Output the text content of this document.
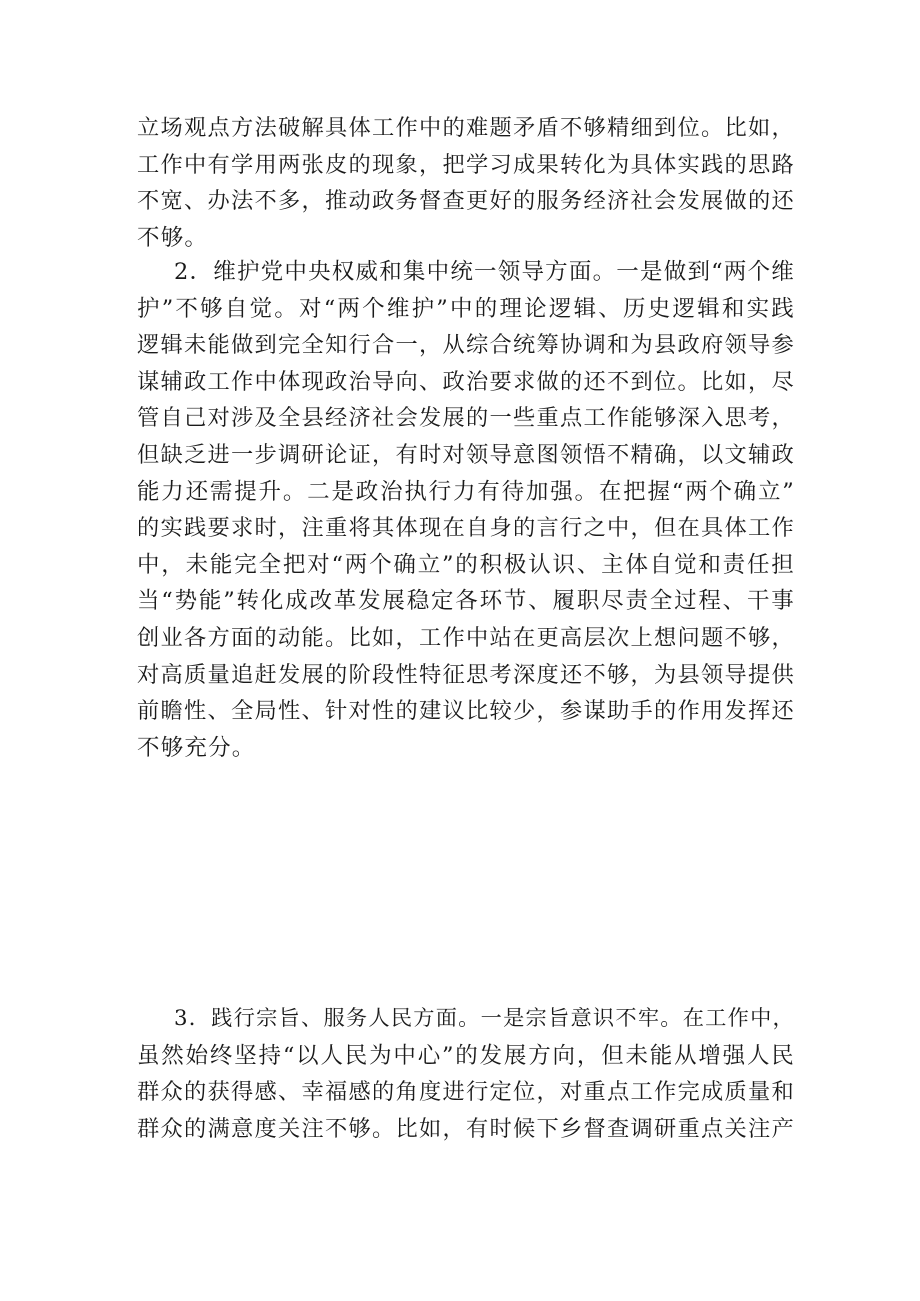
立场观点方法破解具体工作中的难题矛盾不够精细到位。比如，
工作中有学用两张皮的现象，把学习成果转化为具体实践的思路
不宽、办法不多，推动政务督查更好的服务经济社会发展做的还
不够。
2．维护党中央权威和集中统一领导方面。一是做到“两个维
护”不够自觉。对“两个维护”中的理论逻辑、历史逻辑和实践
逻辑未能做到完全知行合一，从综合统筹协调和为县政府领导参
谋辅政工作中体现政治导向、政治要求做的还不到位。比如，尽
管自己对涉及全县经济社会发展的一些重点工作能够深入思考，
但缺乏进一步调研论证，有时对领导意图领悟不精确，以文辅政
能力还需提升。二是政治执行力有待加强。在把握“两个确立”
的实践要求时，注重将其体现在自身的言行之中，但在具体工作
中，未能完全把对“两个确立”的积极认识、主体自觉和责任担
当“势能”转化成改革发展稳定各环节、履职尽责全过程、干事
创业各方面的动能。比如，工作中站在更高层次上想问题不够，
对高质量追赶发展的阶段性特征思考深度还不够，为县领导提供
前瞻性、全局性、针对性的建议比较少，参谋助手的作用发挥还
不够充分。
3．践行宗旨、服务人民方面。一是宗旨意识不牢。在工作中，
虽然始终坚持“以人民为中心”的发展方向，但未能从增强人民
群众的获得感、幸福感的角度进行定位，对重点工作完成质量和
群众的满意度关注不够。比如，有时候下乡督查调研重点关注产
